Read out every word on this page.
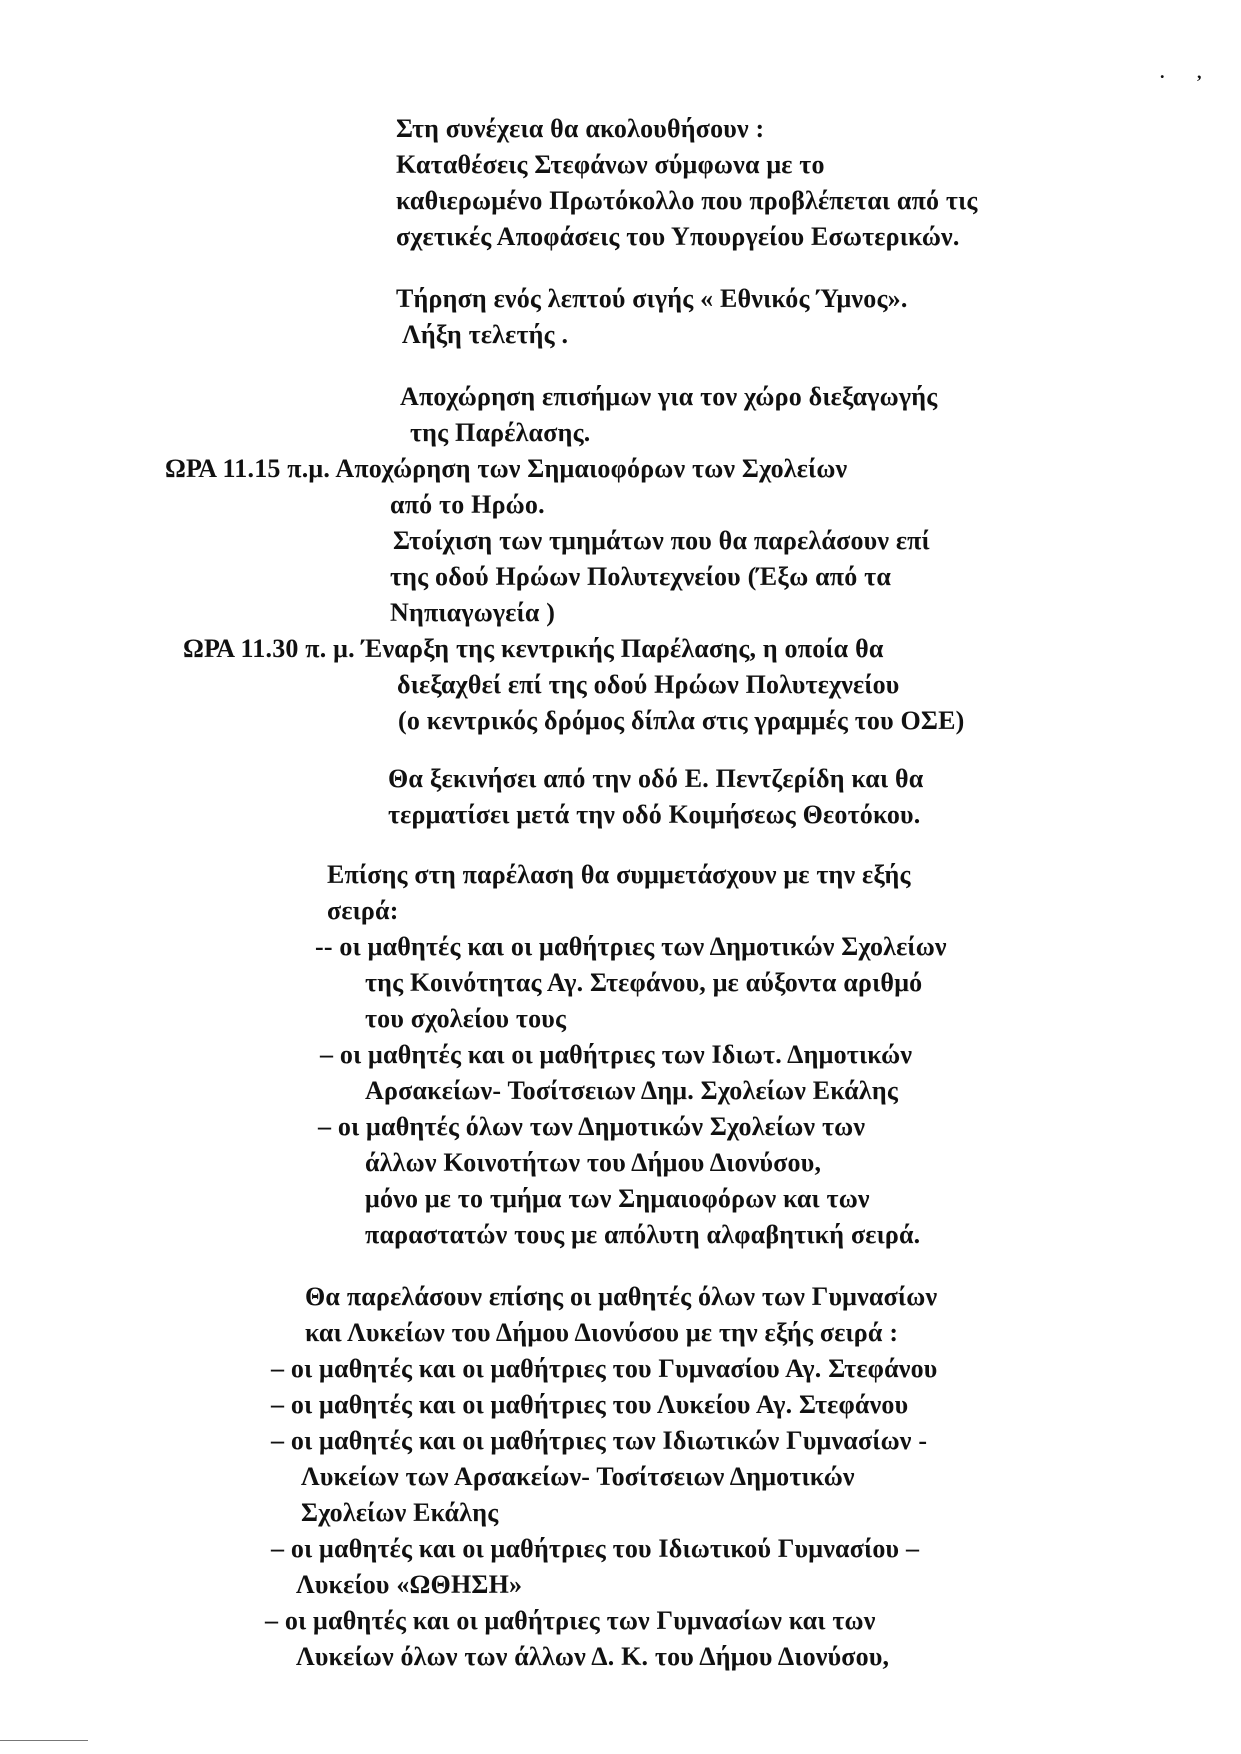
. ,
Στη συνέχεια θα ακολουθήσουν :
Καταθέσεις Στεφάνων σύμφωνα με το
καθιερωμένο Πρωτόκολλο που προβλέπεται από τις
σχετικές Αποφάσεις του Υπουργείου Εσωτερικών.
Τήρηση ενός λεπτού σιγής « Εθνικός Ύμνος».
Λήξη τελετής .
Αποχώρηση επισήμων για τον χώρο διεξαγωγής
της Παρέλασης.
ΩΡΑ 11.15 π.μ. Αποχώρηση των Σημαιοφόρων των Σχολείων
από το Ηρώο.
Στοίχιση των τμημάτων που θα παρελάσουν επί
της οδού Ηρώων Πολυτεχνείου (Έξω από τα
Νηπιαγωγεία )
ΩΡΑ 11.30 π. μ. Έναρξη της κεντρικής Παρέλασης, η οποία θα
διεξαχθεί επί της οδού Ηρώων Πολυτεχνείου
(ο κεντρικός δρόμος δίπλα στις γραμμές του ΟΣΕ)
Θα ξεκινήσει από την οδό Ε. Πεντζερίδη και θα
τερματίσει μετά την οδό Κοιμήσεως Θεοτόκου.
Επίσης στη παρέλαση θα συμμετάσχουν με την εξής
σειρά:
-- οι μαθητές και οι μαθήτριες των Δημοτικών Σχολείων
της Κοινότητας Αγ. Στεφάνου, με αύξοντα αριθμό
του σχολείου τους
– οι μαθητές και οι μαθήτριες των Ιδιωτ. Δημοτικών
Αρσακείων- Τοσίτσειων Δημ. Σχολείων Εκάλης
– οι μαθητές όλων των Δημοτικών Σχολείων των
άλλων Κοινοτήτων του Δήμου Διονύσου,
μόνο με το τμήμα των Σημαιοφόρων και των
παραστατών τους με απόλυτη αλφαβητική σειρά.
Θα παρελάσουν επίσης οι μαθητές όλων των Γυμνασίων
και Λυκείων του Δήμου Διονύσου με την εξής σειρά :
– οι μαθητές και οι μαθήτριες του Γυμνασίου Αγ. Στεφάνου
– οι μαθητές και οι μαθήτριες του Λυκείου Αγ. Στεφάνου
– οι μαθητές και οι μαθήτριες των Ιδιωτικών Γυμνασίων -
Λυκείων των Αρσακείων- Τοσίτσειων Δημοτικών
Σχολείων Εκάλης
– οι μαθητές και οι μαθήτριες του Ιδιωτικού Γυμνασίου –
Λυκείου «ΩΘΗΣΗ»
– οι μαθητές και οι μαθήτριες των Γυμνασίων και των
Λυκείων όλων των άλλων Δ. Κ. του Δήμου Διονύσου,
